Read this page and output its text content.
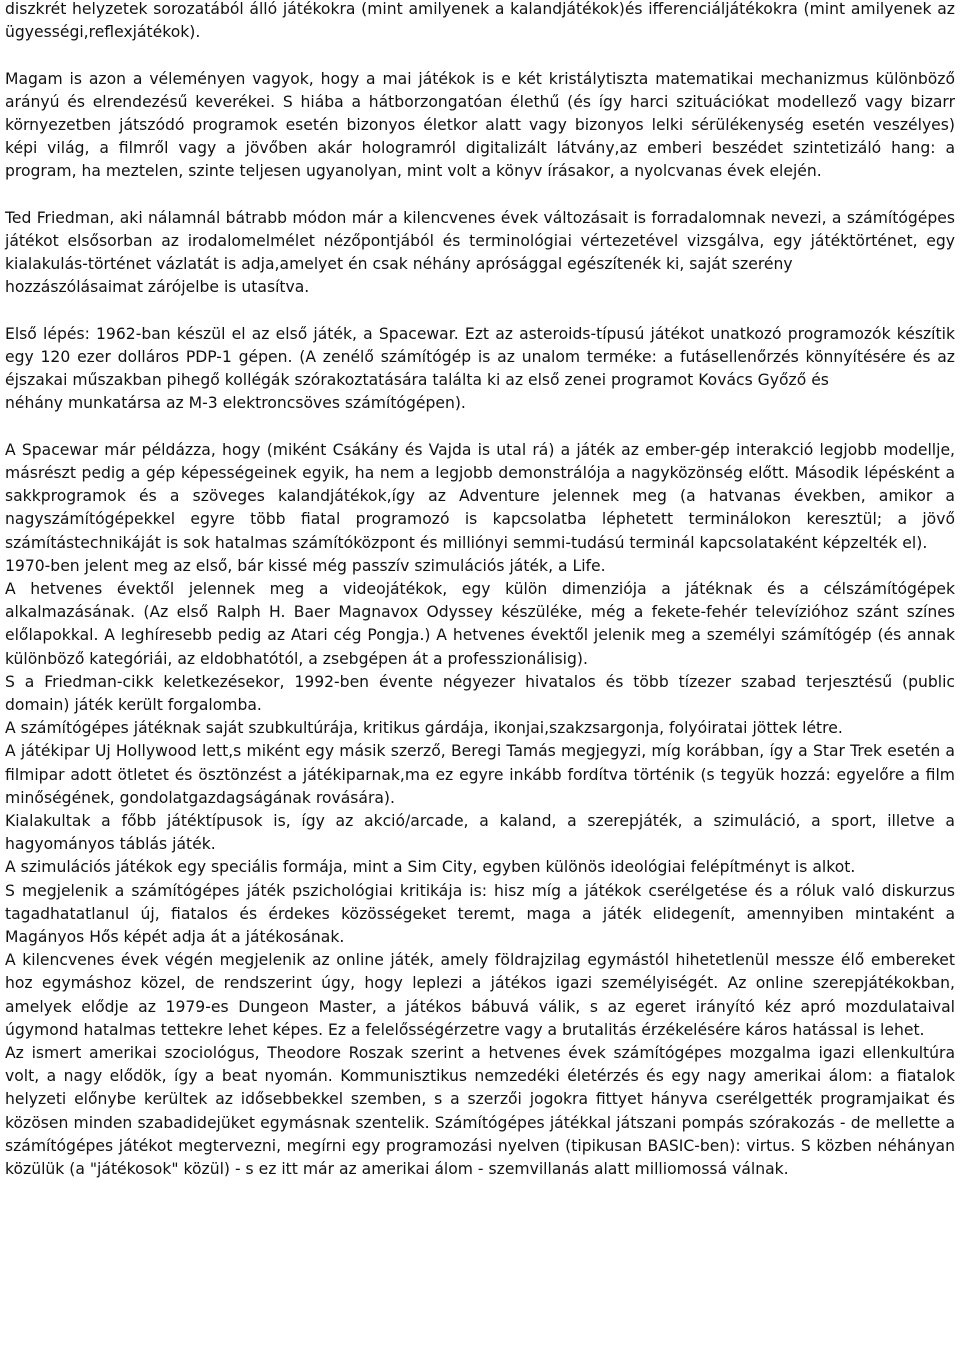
diszkrét helyzetek sorozatából álló játékokra (mint amilyenek a kalandjátékok)és ifferenciáljátékokra (mint amilyenek az ügyességi,reflexjátékok).

Magam is azon a véleményen vagyok, hogy a mai játékok is e két kristálytiszta matematikai mechanizmus különböző arányú és elrendezésű keverékei. S hiába a hátborzongatóan élethű (és így harci szituációkat modellező vagy bizarr környezetben játszódó programok esetén bizonyos életkor alatt vagy bizonyos lelki sérülékenység esetén veszélyes) képi világ, a filmről vagy a jövőben akár hologramról digitalizált látvány,az emberi beszédet szintetizáló hang: a program, ha meztelen, szinte teljesen ugyanolyan, mint volt a könyv írásakor, a nyolcvanas évek elején.

Ted Friedman, aki nálamnál bátrabb módon már a kilencvenes évek változásait is forradalomnak nevezi, a számítógépes játékot elsősorban az irodalomelmélet nézőpontjából és terminológiai vértezetével vizsgálva, egy játéktörténet, egy kialakulás-történet vázlatát is adja,amelyet én csak néhány aprósággal egészítenék ki, saját szerény

hozzászólásaimat zárójelbe is utasítva.

Első lépés: 1962-ban készül el az első játék, a Spacewar. Ezt az asteroids-típusú játékot unatkozó programozók készítik egy 120 ezer dolláros PDP-1 gépen. (A zenélő számítógép is az unalom terméke: a futásellenőrzés könnyítésére és az éjszakai műszakban pihegő kollégák szórakoztatására találta ki az első zenei programot Kovács Győző és

néhány munkatársa az M-3 elektroncsöves számítógépen).

A Spacewar már példázza, hogy (miként Csákány és Vajda is utal rá) a játék az ember-gép interakció legjobb modellje, másrészt pedig a gép képességeinek egyik, ha nem a legjobb demonstrálója a nagyközönség előtt. Második lépésként a sakkprogramok és a szöveges kalandjátékok,így az Adventure jelennek meg (a hatvanas években, amikor a nagyszámítógépekkel egyre több fiatal programozó is kapcsolatba léphetett terminálokon keresztül; a jövő számítástechnikáját is sok hatalmas számítóközpont és milliónyi semmi-tudású terminál kapcsolataként képzelték el).

1970-ben jelent meg az első, bár kissé még passzív szimulációs játék, a Life.

A hetvenes évektől jelennek meg a videojátékok, egy külön dimenziója a játéknak és a célszámítógépek alkalmazásának. (Az első Ralph H. Baer Magnavox Odyssey készüléke, még a fekete-fehér televízióhoz szánt színes előlapokkal. A leghíresebb pedig az Atari cég Pongja.) A hetvenes évektől jelenik meg a személyi számítógép (és annak különböző kategóriái, az eldobhatótól, a zsebgépen át a professzionálisig).

S a Friedman-cikk keletkezésekor, 1992-ben évente négyezer hivatalos és több tízezer szabad terjesztésű (public domain) játék került forgalomba.

A számítógépes játéknak saját szubkultúrája, kritikus gárdája, ikonjai,szakzsargonja, folyóiratai jöttek létre.

A játékipar Uj Hollywood lett,s miként egy másik szerző, Beregi Tamás megjegyzi, míg korábban, így a Star Trek esetén a filmipar adott ötletet és ösztönzést a játékiparnak,ma ez egyre inkább fordítva történik (s tegyük hozzá: egyelőre a film minőségének, gondolatgazdagságának rovására).

Kialakultak a főbb játéktípusok is, így az akció/arcade, a kaland, a szerepjáték, a szimuláció, a sport, illetve a hagyományos táblás játék.

A szimulációs játékok egy speciális formája, mint a Sim City, egyben különös ideológiai felépítményt is alkot.

S megjelenik a számítógépes játék pszichológiai kritikája is: hisz míg a játékok cserélgetése és a róluk való diskurzus tagadhatatlanul új, fiatalos és érdekes közösségeket teremt, maga a játék elidegenít, amennyiben mintaként a Magányos Hős képét adja át a játékosának.

A kilencvenes évek végén megjelenik az online játék, amely földrajzilag egymástól hihetetlenül messze élő embereket hoz egymáshoz közel, de rendszerint úgy, hogy leplezi a játékos igazi személyiségét. Az online szerepjátékokban, amelyek elődje az 1979-es Dungeon Master, a játékos bábuvá válik, s az egeret irányító kéz apró mozdulataival úgymond hatalmas tettekre lehet képes. Ez a felelősségérzetre vagy a brutalitás érzékelésére káros hatással is lehet.

Az ismert amerikai szociológus, Theodore Roszak szerint a hetvenes évek számítógépes mozgalma igazi ellenkultúra volt, a nagy elődök, így a beat nyomán. Kommunisztikus nemzedéki életérzés és egy nagy amerikai álom: a fiatalok helyzeti előnybe kerültek az idősebbekkel szemben, s a szerzői jogokra fittyet hányva cserélgették programjaikat és közösen minden szabadidejüket egymásnak szentelik. Számítógépes játékkal játszani pompás szórakozás - de mellette a számítógépes játékot megtervezni, megírni egy programozási nyelven (tipikusan BASIC-ben): virtus. S közben néhányan közülük (a "játékosok" közül) - s ez itt már az amerikai álom - szemvillanás alatt milliomossá válnak.
